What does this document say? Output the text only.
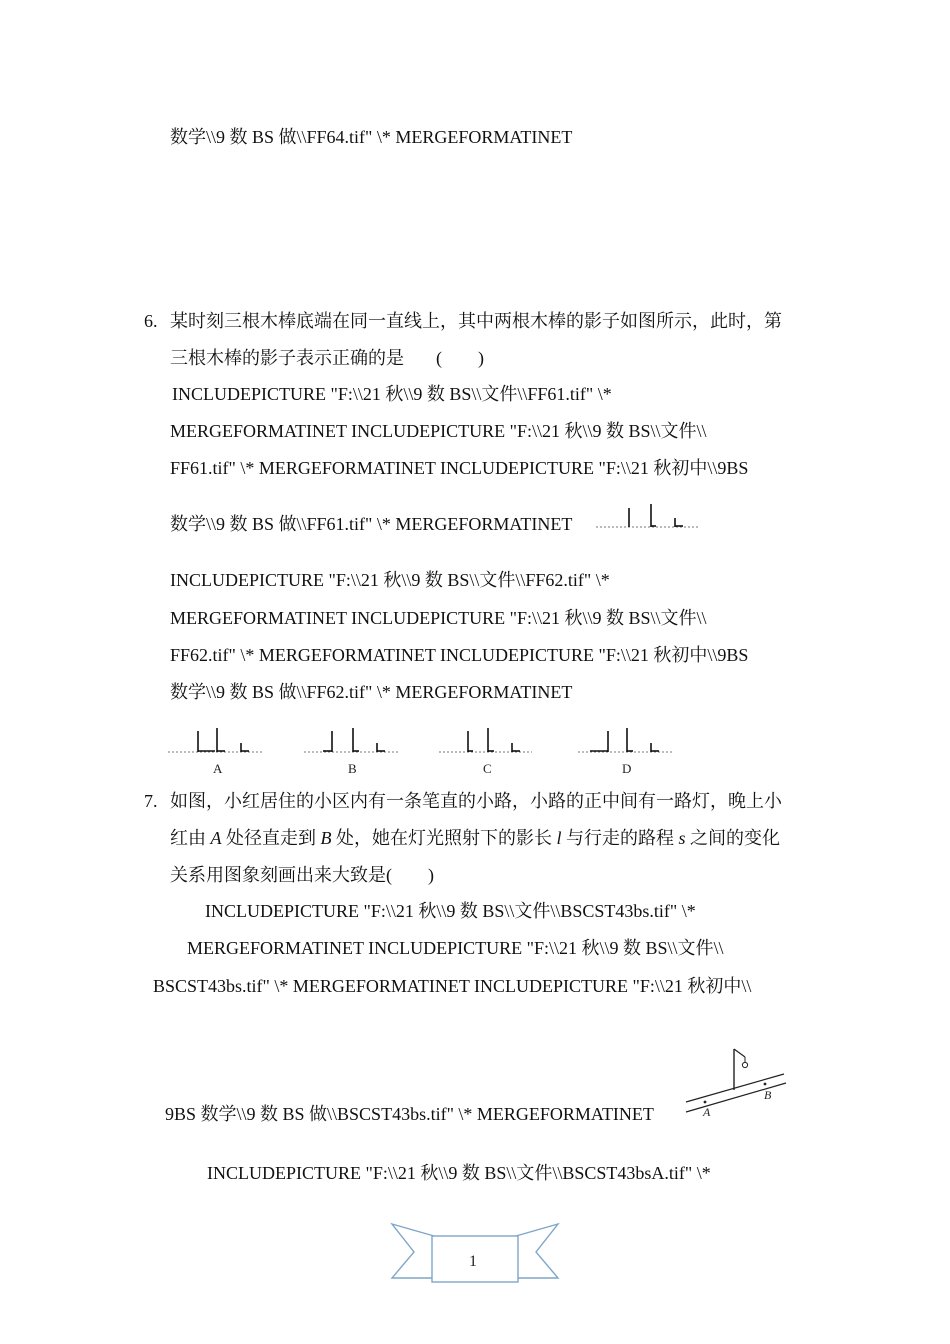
数学\\9 数 BS 做\\FF64.tif" \* MERGEFORMATINET
6. 某时刻三根木棒底端在同一直线上，其中两根木棒的影子如图所示，此时，第
三根木棒的影子表示正确的是 (        )
INCLUDEPICTURE "F:\\21 秋\\9 数 BS\\文件\\FF61.tif" \*
MERGEFORMATINET INCLUDEPICTURE "F:\\21 秋\\9 数 BS\\文件\\
FF61.tif" \* MERGEFORMATINET INCLUDEPICTURE "F:\\21 秋初中\\9BS
数学\\9 数 BS 做\\FF61.tif" \* MERGEFORMATINET
INCLUDEPICTURE "F:\\21 秋\\9 数 BS\\文件\\FF62.tif" \*
MERGEFORMATINET INCLUDEPICTURE "F:\\21 秋\\9 数 BS\\文件\\
FF62.tif" \* MERGEFORMATINET INCLUDEPICTURE "F:\\21 秋初中\\9BS
数学\\9 数 BS 做\\FF62.tif" \* MERGEFORMATINET
A	B	C	D
7. 如图，小红居住的小区内有一条笔直的小路，小路的正中间有一路灯，晚上小
红由 A 处径直走到 B 处，她在灯光照射下的影长 l 与行走的路程 s 之间的变化
关系用图象刻画出来大致是(        )
INCLUDEPICTURE "F:\\21 秋\\9 数 BS\\文件\\BSCST43bs.tif" \*
MERGEFORMATINET INCLUDEPICTURE "F:\\21 秋\\9 数 BS\\文件\\
BSCST43bs.tif" \* MERGEFORMATINET INCLUDEPICTURE "F:\\21 秋初中\\
9BS 数学\\9 数 BS 做\\BSCST43bs.tif" \* MERGEFORMATINET	A
B
INCLUDEPICTURE "F:\\21 秋\\9 数 BS\\文件\\BSCST43bsA.tif" \*
1
